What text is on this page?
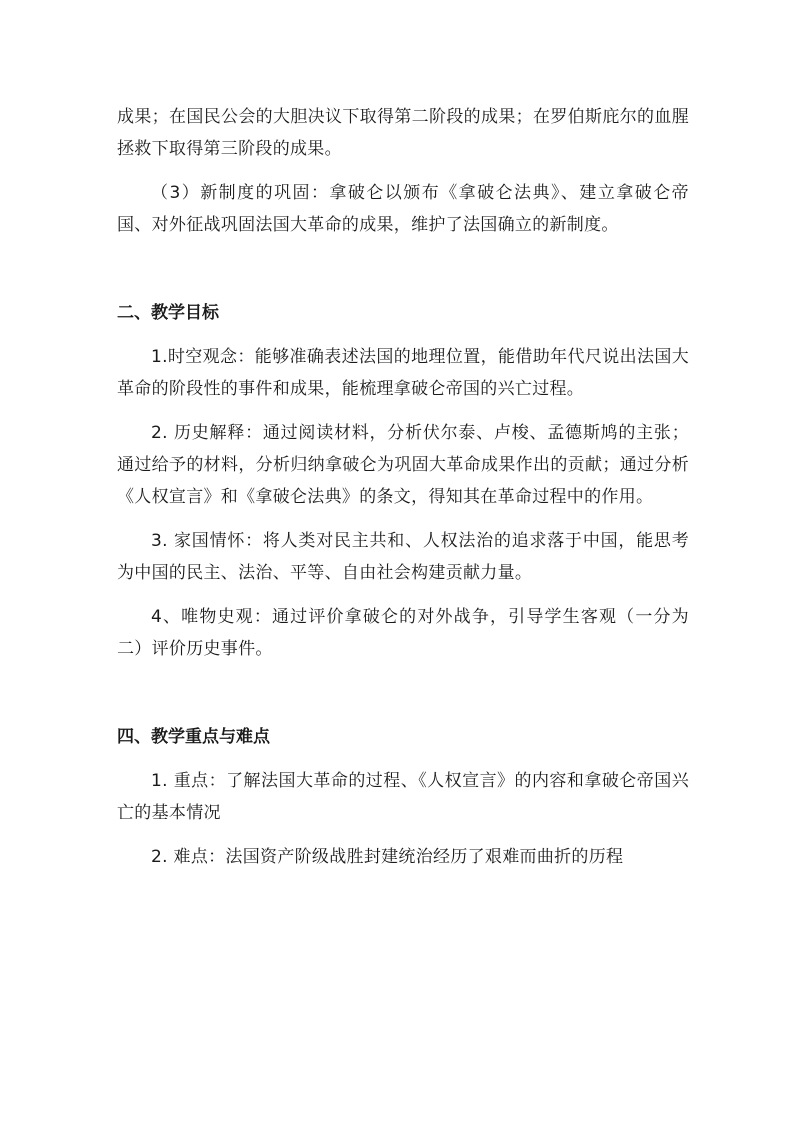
成果；在国民公会的大胆决议下取得第二阶段的成果；在罗伯斯庇尔的血腥拯救下取得第三阶段的成果。

（3）新制度的巩固：拿破仑以颁布《拿破仑法典》、建立拿破仑帝国、对外征战巩固法国大革命的成果，维护了法国确立的新制度。

二、教学目标

1.时空观念：能够准确表述法国的地理位置，能借助年代尺说出法国大革命的阶段性的事件和成果，能梳理拿破仑帝国的兴亡过程。

2. 历史解释：通过阅读材料，分析伏尔泰、卢梭、孟德斯鸠的主张；通过给予的材料，分析归纳拿破仑为巩固大革命成果作出的贡献；通过分析《人权宣言》和《拿破仑法典》的条文，得知其在革命过程中的作用。

3. 家国情怀：将人类对民主共和、人权法治的追求落于中国，能思考为中国的民主、法治、平等、自由社会构建贡献力量。

4、唯物史观：通过评价拿破仑的对外战争，引导学生客观（一分为二）评价历史事件。

四、教学重点与难点

1. 重点：了解法国大革命的过程、《人权宣言》的内容和拿破仑帝国兴亡的基本情况

2. 难点：法国资产阶级战胜封建统治经历了艰难而曲折的历程
